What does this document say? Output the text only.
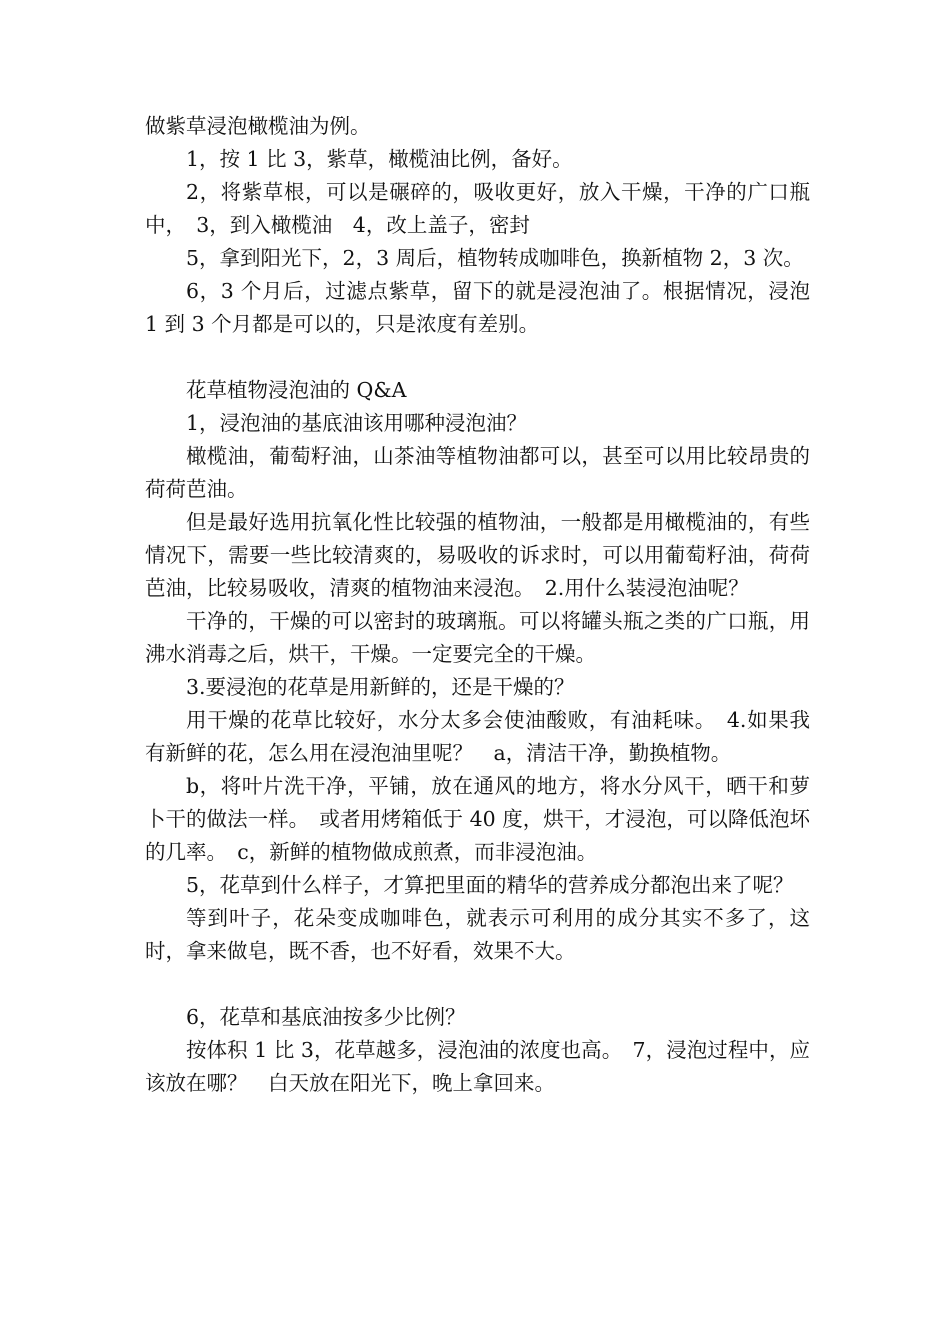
做紫草浸泡橄榄油为例。

1，按 1 比 3，紫草，橄榄油比例，备好。

2，将紫草根，可以是碾碎的，吸收更好，放入干燥，干净的广口瓶中，　3，到入橄榄油　4，改上盖子，密封

5，拿到阳光下，2，3 周后，植物转成咖啡色，换新植物 2，3 次。

6，3 个月后，过滤点紫草，留下的就是浸泡油了。根据情况，浸泡 1 到 3 个月都是可以的，只是浓度有差别。

花草植物浸泡油的 Q&A

1，浸泡油的基底油该用哪种浸泡油？

橄榄油，葡萄籽油，山茶油等植物油都可以，甚至可以用比较昂贵的荷荷芭油。

但是最好选用抗氧化性比较强的植物油，一般都是用橄榄油的，有些情况下，需要一些比较清爽的，易吸收的诉求时，可以用葡萄籽油，荷荷芭油，比较易吸收，清爽的植物油来浸泡。　2.用什么装浸泡油呢？

干净的，干燥的可以密封的玻璃瓶。可以将罐头瓶之类的广口瓶，用沸水消毒之后，烘干，干燥。一定要完全的干燥。

3.要浸泡的花草是用新鲜的，还是干燥的？

用干燥的花草比较好，水分太多会使油酸败，有油耗味。　4.如果我有新鲜的花，怎么用在浸泡油里呢？　a，清洁干净，勤换植物。

b，将叶片洗干净，平铺，放在通风的地方，将水分风干，晒干和萝卜干的做法一样。　或者用烤箱低于 40 度，烘干，才浸泡，可以降低泡坏的几率。　c，新鲜的植物做成煎煮，而非浸泡油。

5，花草到什么样子，才算把里面的精华的营养成分都泡出来了呢？

等到叶子，花朵变成咖啡色，就表示可利用的成分其实不多了，这时，拿来做皂，既不香，也不好看，效果不大。

6，花草和基底油按多少比例？

按体积 1 比 3，花草越多，浸泡油的浓度也高。　7，浸泡过程中，应该放在哪？　白天放在阳光下，晚上拿回来。
